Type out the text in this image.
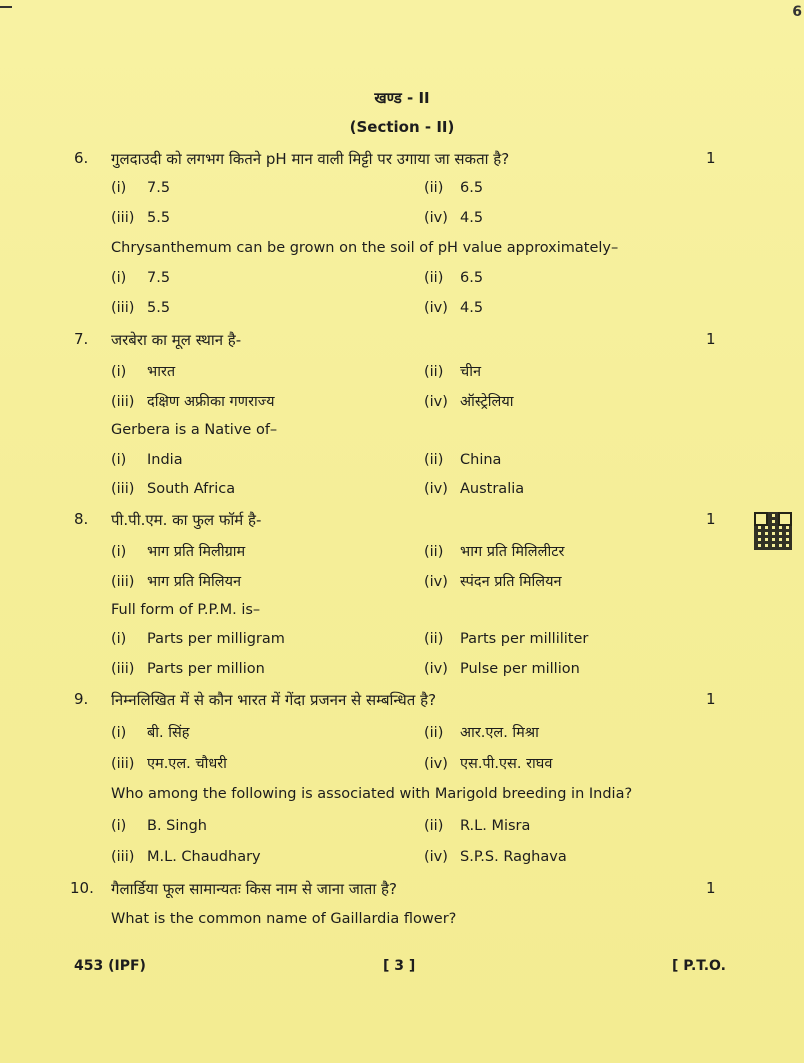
6
खण्ड - II
(Section - II)
6. गुलदाउदी को लगभग कितने pH मान वाली मिट्टी पर उगाया जा सकता है?	1
(i) 7.5	(ii) 6.5
(iii) 5.5	(iv) 4.5
Chrysanthemum can be grown on the soil of pH value approximately–
(i) 7.5	(ii) 6.5
(iii) 5.5	(iv) 4.5
7. जरबेरा का मूल स्थान है-	1
(i) भारत	(ii) चीन
(iii) दक्षिण अफ्रीका गणराज्य	(iv) ऑस्ट्रेलिया
Gerbera is a Native of–
(i) India	(ii) China
(iii) South Africa	(iv) Australia
8. पी.पी.एम. का फुल फॉर्म है-	1
(i) भाग प्रति मिलीग्राम	(ii) भाग प्रति मिलिलीटर
(iii) भाग प्रति मिलियन	(iv) स्पंदन प्रति मिलियन
Full form of P.P.M. is–
(i) Parts per milligram	(ii) Parts per milliliter
(iii) Parts per million	(iv) Pulse per million
9. निम्नलिखित में से कौन भारत में गेंदा प्रजनन से सम्बन्धित है?	1
(i) बी. सिंह	(ii) आर.एल. मिश्रा
(iii) एम.एल. चौधरी	(iv) एस.पी.एस. राघव
Who among the following is associated with Marigold breeding in India?
(i) B. Singh	(ii) R.L. Misra
(iii) M.L. Chaudhary	(iv) S.P.S. Raghava
10. गैलार्डिया फूल सामान्यतः किस नाम से जाना जाता है?	1
What is the common name of Gaillardia flower?
453 (IPF)	[ 3 ]	[ P.T.O.
